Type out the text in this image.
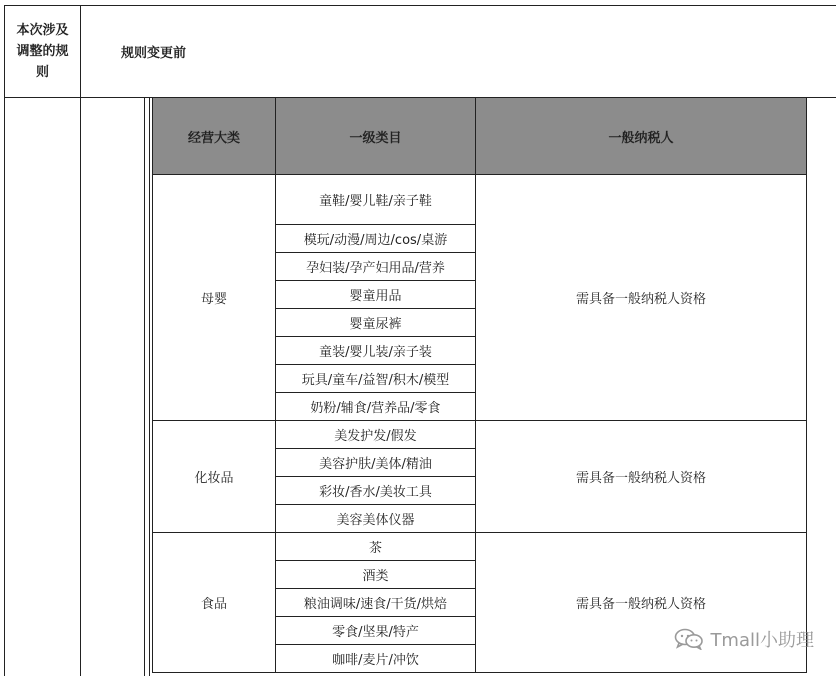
本次涉及调整的规则
规则变更前
经营大类	一级类目	一般纳税人
母婴
童鞋/婴儿鞋/亲子鞋
模玩/动漫/周边/cos/桌游
孕妇装/孕产妇用品/营养
婴童用品
婴童尿裤
童装/婴儿装/亲子装
玩具/童车/益智/积木/模型
奶粉/辅食/营养品/零食
需具备一般纳税人资格
化妆品
美发护发/假发
美容护肤/美体/精油
彩妆/香水/美妆工具
美容美体仪器
需具备一般纳税人资格
食品
茶
酒类
粮油调味/速食/干货/烘焙
零食/坚果/特产
咖啡/麦片/冲饮
需具备一般纳税人资格
Tmall小助理
